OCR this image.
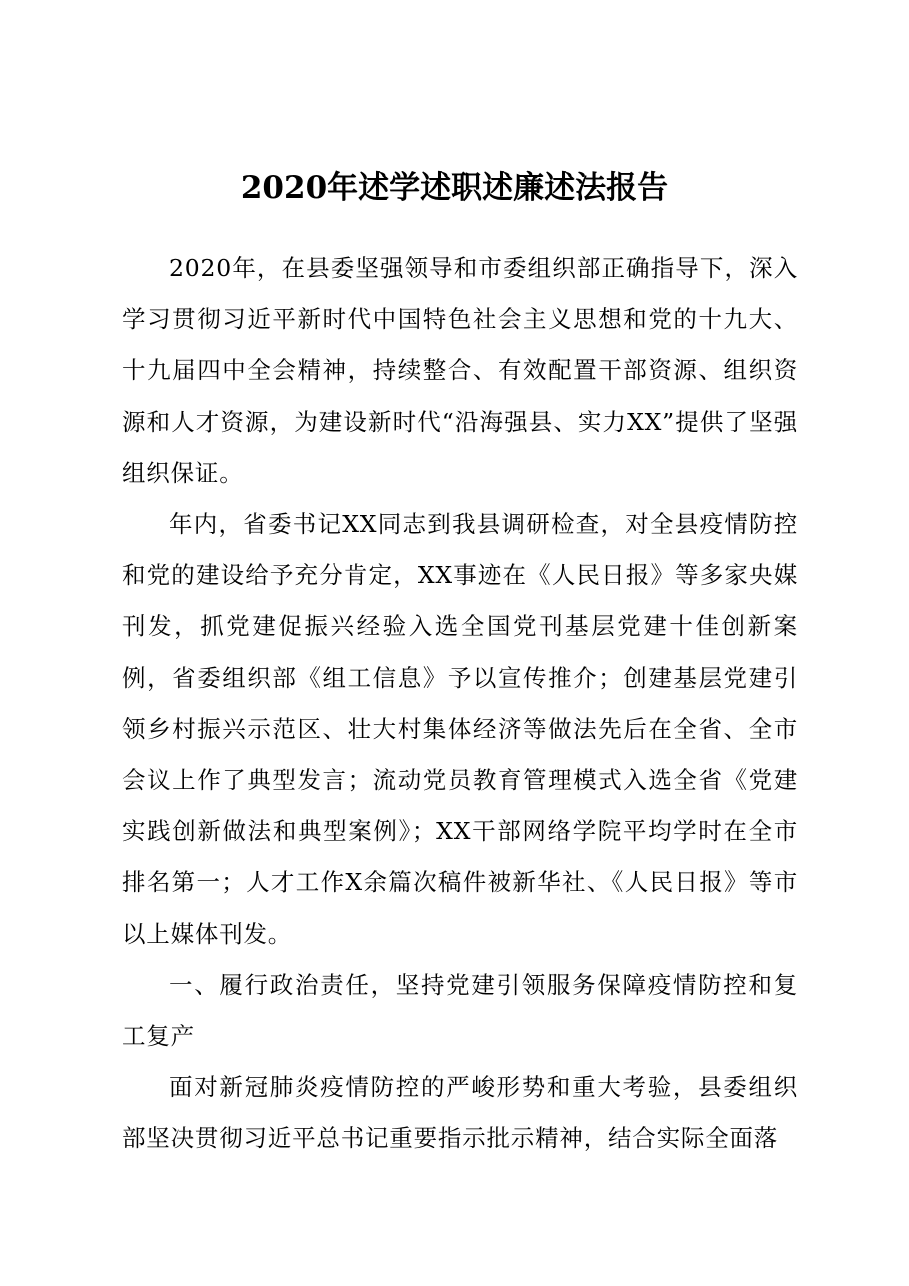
2020年述学述职述廉述法报告

2020年，在县委坚强领导和市委组织部正确指导下，深入学习贯彻习近平新时代中国特色社会主义思想和党的十九大、十九届四中全会精神，持续整合、有效配置干部资源、组织资源和人才资源，为建设新时代“沿海强县、实力XX”提供了坚强组织保证。

年内，省委书记XX同志到我县调研检查，对全县疫情防控和党的建设给予充分肯定，XX事迹在《人民日报》等多家央媒刊发，抓党建促振兴经验入选全国党刊基层党建十佳创新案例，省委组织部《组工信息》予以宣传推介；创建基层党建引领乡村振兴示范区、壮大村集体经济等做法先后在全省、全市会议上作了典型发言；流动党员教育管理模式入选全省《党建实践创新做法和典型案例》；XX干部网络学院平均学时在全市排名第一；人才工作X余篇次稿件被新华社、《人民日报》等市以上媒体刊发。

一、履行政治责任，坚持党建引领服务保障疫情防控和复工复产

面对新冠肺炎疫情防控的严峻形势和重大考验，县委组织部坚决贯彻习近平总书记重要指示批示精神，结合实际全面落
